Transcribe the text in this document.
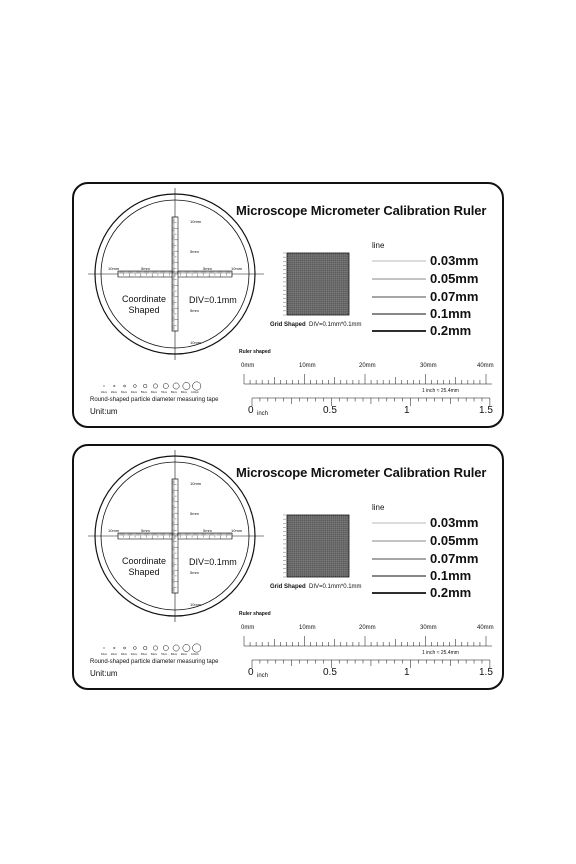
Microscope Micrometer Calibration Ruler
Coordinate
Shaped
DIV=0.1mm
10mm	5mm	5mm	10mm
10mm
5mm
5mm
10mm
Grid Shaped DIV=0.1mm*0.1mm
line
0.03mm
0.05mm
0.07mm
0.1mm
0.2mm
Ruler shaped
0mm	10mm	20mm	30mm	40mm
1 inch ≈ 25.4mm
0 inch	0.5	1	1.5
10um	20um	30um	40um	50um	60um	70um	80um	90um	100um
Round-shaped particle diameter measuring tape
Unit:um
Microscope Micrometer Calibration Ruler
Coordinate
Shaped
DIV=0.1mm
10mm	5mm	5mm	10mm
10mm
5mm
5mm
10mm
Grid Shaped DIV=0.1mm*0.1mm
line
0.03mm
0.05mm
0.07mm
0.1mm
0.2mm
Ruler shaped
0mm	10mm	20mm	30mm	40mm
1 inch ≈ 25.4mm
0 inch	0.5	1	1.5
10um	20um	30um	40um	50um	60um	70um	80um	90um	100um
Round-shaped particle diameter measuring tape
Unit:um
